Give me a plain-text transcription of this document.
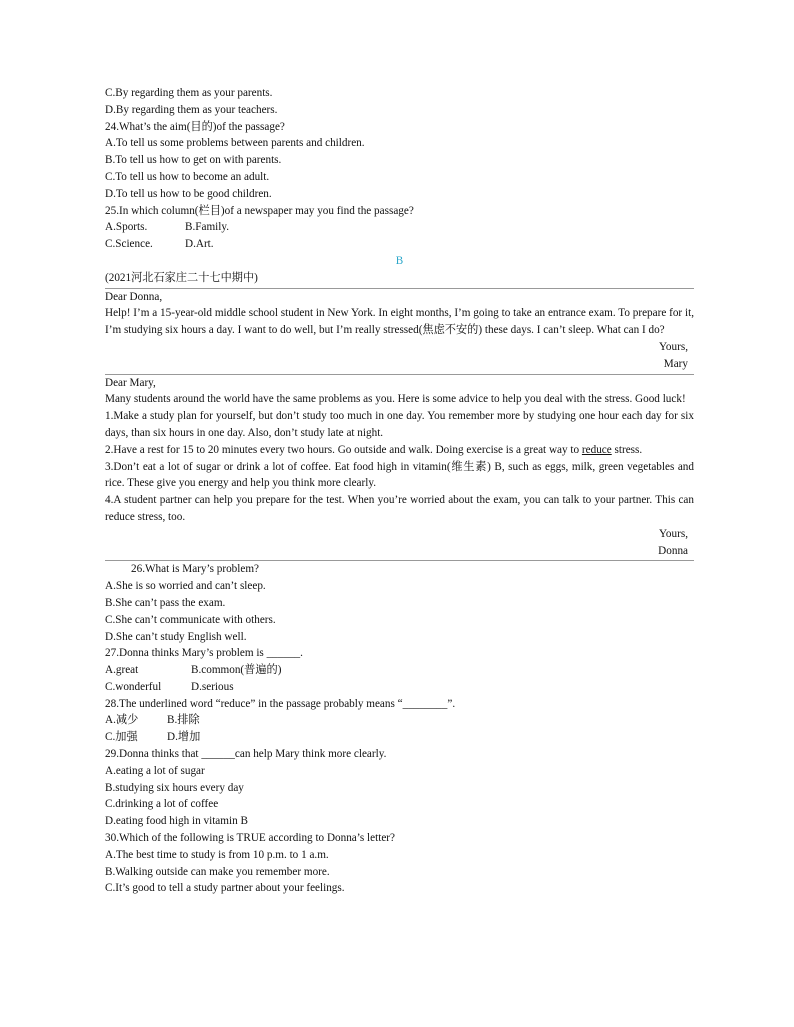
C.By regarding them as your parents.
D.By regarding them as your teachers.
24.What’s the aim(目的)of the passage?
A.To tell us some problems between parents and children.
B.To tell us how to get on with parents.
C.To tell us how to become an adult.
D.To tell us how to be good children.
25.In which column(栏目)of a newspaper may you find the passage?
A.Sports.	B.Family.
C.Science.	D.Art.
B
(2021河北石家庄二十七中期中)
Dear Donna,
Help! I’m a 15-year-old middle school student in New York. In eight months, I’m going to take an entrance exam. To prepare for it, I’m studying six hours a day. I want to do well, but I’m really stressed(焦虑不安的) these days. I can’t sleep. What can I do?
Yours,
Mary
Dear Mary,
Many students around the world have the same problems as you. Here is some advice to help you deal with the stress. Good luck!
1.Make a study plan for yourself, but don’t study too much in one day. You remember more by studying one hour each day for six days, than six hours in one day. Also, don’t study late at night.
2.Have a rest for 15 to 20 minutes every two hours. Go outside and walk. Doing exercise is a great way to reduce stress.
3.Don’t eat a lot of sugar or drink a lot of coffee. Eat food high in vitamin(维生素) B, such as eggs, milk, green vegetables and rice. These give you energy and help you think more clearly.
4.A student partner can help you prepare for the test. When you’re worried about the exam, you can talk to your partner. This can reduce stress, too.
Yours,
Donna
26.What is Mary’s problem?
A.She is so worried and can’t sleep.
B.She can’t pass the exam.
C.She can’t communicate with others.
D.She can’t study English well.
27.Donna thinks Mary’s problem is ______.
A.great	B.common(普遍的)
C.wonderful	D.serious
28.The underlined word “reduce” in the passage probably means “________”.
A.减少	B.排除
C.加强	D.增加
29.Donna thinks that ______can help Mary think more clearly.
A.eating a lot of sugar
B.studying six hours every day
C.drinking a lot of coffee
D.eating food high in vitamin B
30.Which of the following is TRUE according to Donna’s letter?
A.The best time to study is from 10 p.m. to 1 a.m.
B.Walking outside can make you remember more.
C.It’s good to tell a study partner about your feelings.
